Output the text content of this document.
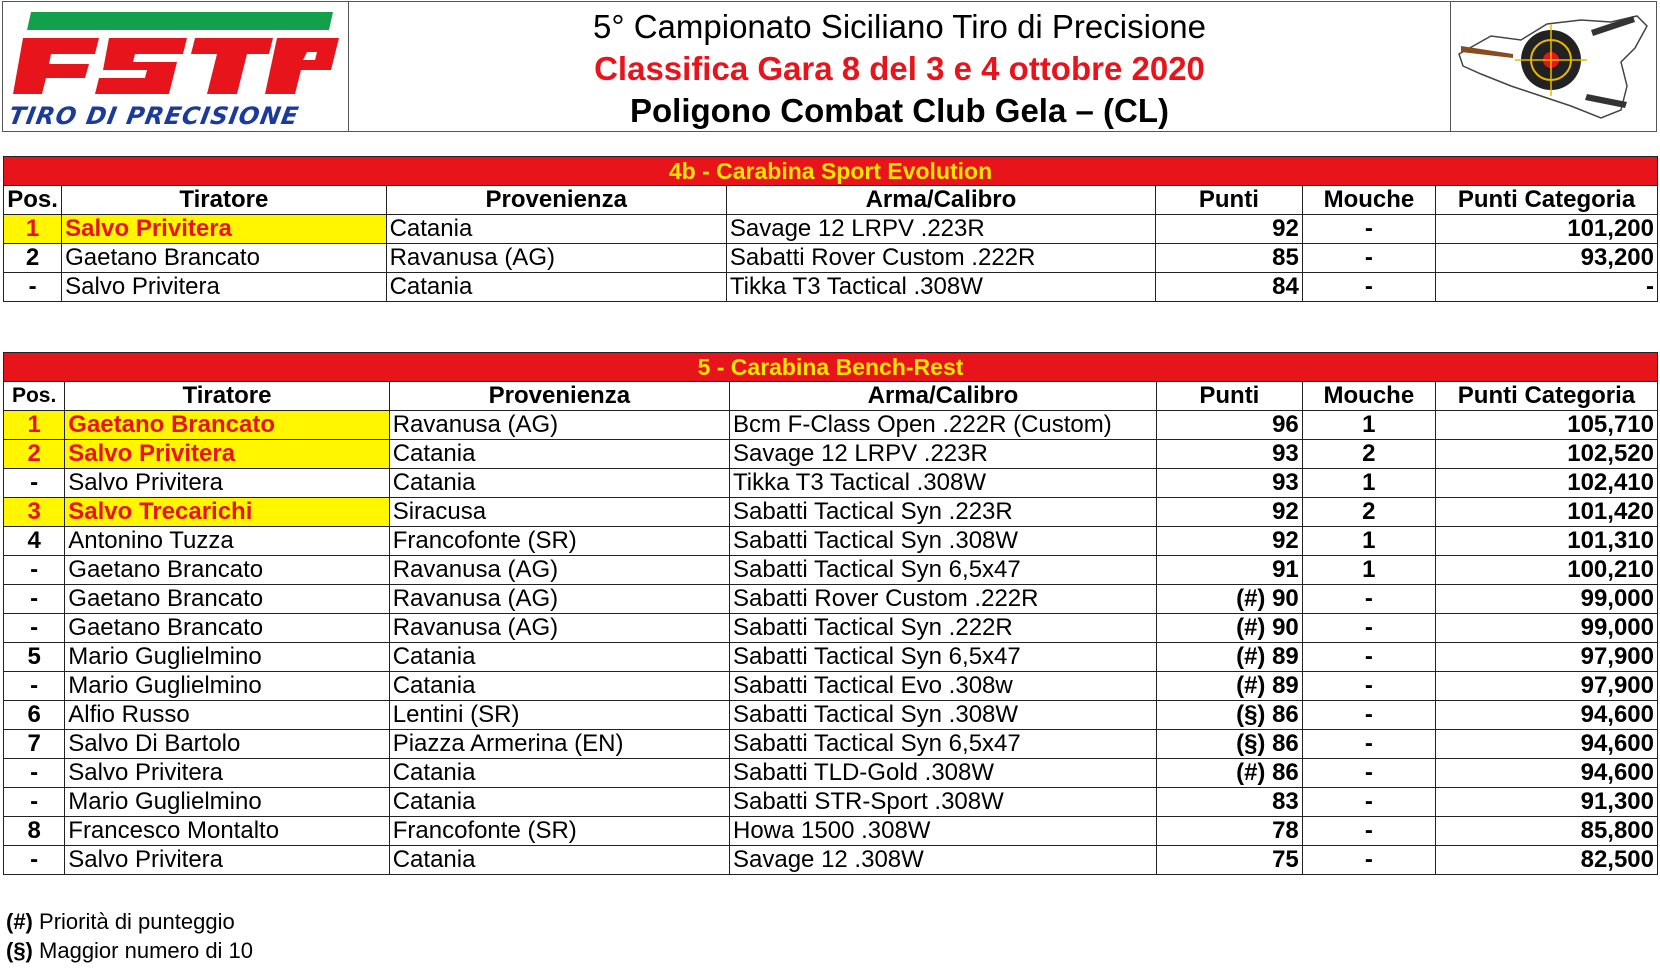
TIRO DI PRECISIONE
5° Campionato Siciliano Tiro di Precisione
Classifica Gara 8 del 3 e 4 ottobre 2020
Poligono Combat Club Gela – (CL)
4b - Carabina Sport Evolution						
Pos.	Tiratore	Provenienza	Arma/Calibro	Punti	Mouche	Punti Categoria
1	Salvo Privitera	Catania	Savage 12 LRPV .223R	92	-	101,200
2	Gaetano Brancato	Ravanusa (AG)	Sabatti Rover Custom .222R	85	-	93,200
-	Salvo Privitera	Catania	Tikka T3 Tactical .308W	84	-	-
5 - Carabina Bench-Rest						
Pos.	Tiratore	Provenienza	Arma/Calibro	Punti	Mouche	Punti Categoria
1	Gaetano Brancato	Ravanusa (AG)	Bcm F-Class Open .222R (Custom)	96	1	105,710
2	Salvo Privitera	Catania	Savage 12 LRPV .223R	93	2	102,520
-	Salvo Privitera	Catania	Tikka T3 Tactical .308W	93	1	102,410
3	Salvo Trecarichi	Siracusa	Sabatti Tactical Syn .223R	92	2	101,420
4	Antonino Tuzza	Francofonte (SR)	Sabatti Tactical Syn .308W	92	1	101,310
-	Gaetano Brancato	Ravanusa (AG)	Sabatti Tactical Syn 6,5x47	91	1	100,210
-	Gaetano Brancato	Ravanusa (AG)	Sabatti Rover Custom .222R	(#) 90	-	99,000
-	Gaetano Brancato	Ravanusa (AG)	Sabatti Tactical Syn .222R	(#) 90	-	99,000
5	Mario Guglielmino	Catania	Sabatti Tactical Syn 6,5x47	(#) 89	-	97,900
-	Mario Guglielmino	Catania	Sabatti Tactical Evo .308w	(#) 89	-	97,900
6	Alfio Russo	Lentini (SR)	Sabatti Tactical Syn .308W	(§) 86	-	94,600
7	Salvo Di Bartolo	Piazza Armerina (EN)	Sabatti Tactical Syn 6,5x47	(§) 86	-	94,600
-	Salvo Privitera	Catania	Sabatti TLD-Gold .308W	(#) 86	-	94,600
-	Mario Guglielmino	Catania	Sabatti STR-Sport .308W	83	-	91,300
8	Francesco Montalto	Francofonte (SR)	Howa 1500 .308W	78	-	85,800
-	Salvo Privitera	Catania	Savage 12 .308W	75	-	82,500
(#) Priorità di punteggio
(§) Maggior numero di 10
